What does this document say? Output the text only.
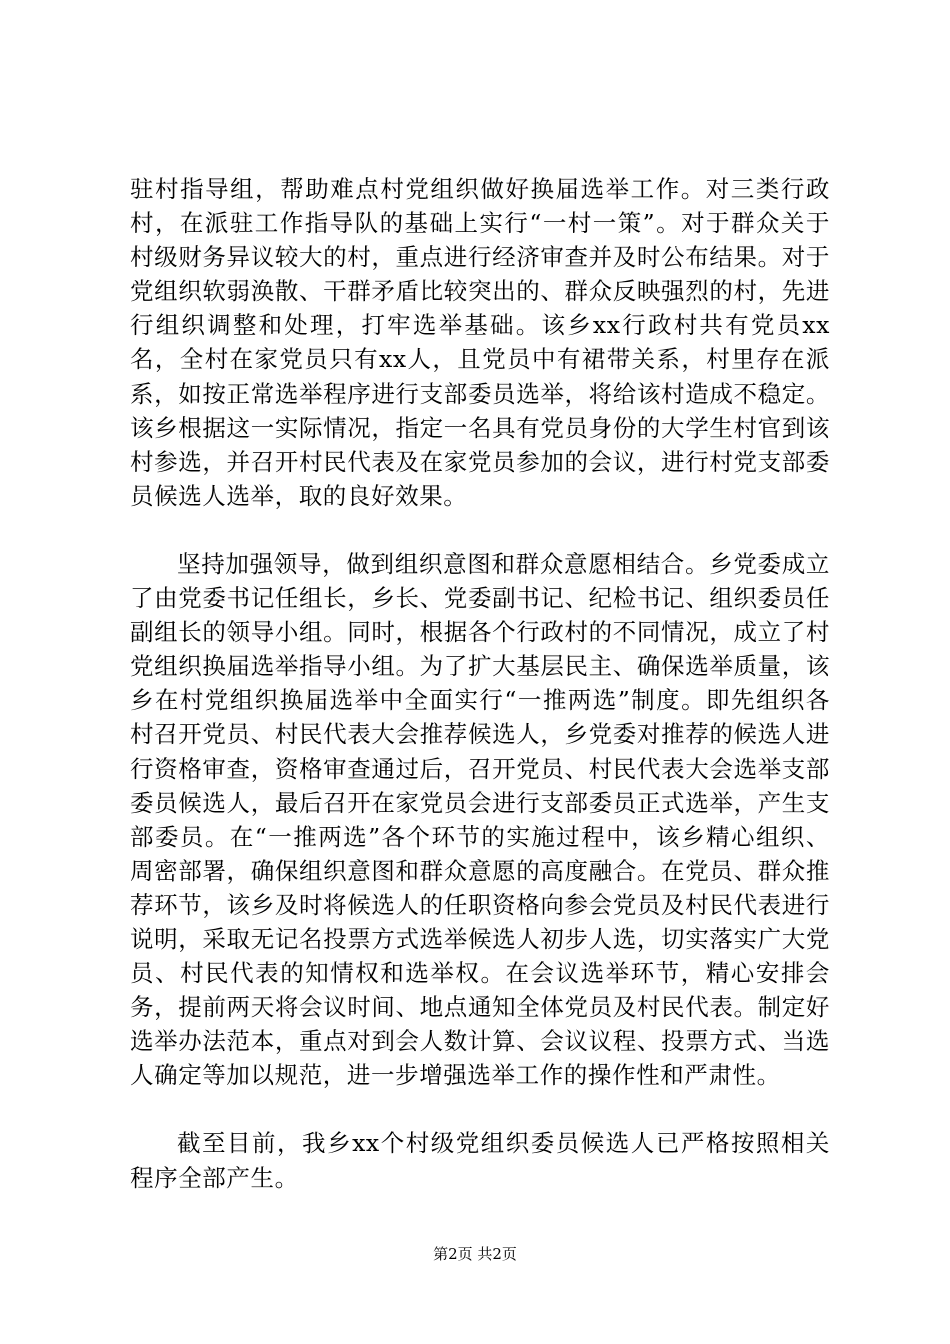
驻村指导组，帮助难点村党组织做好换届选举工作。对三类行政村，在派驻工作指导队的基础上实行“一村一策”。对于群众关于村级财务异议较大的村，重点进行经济审查并及时公布结果。对于党组织软弱涣散、干群矛盾比较突出的、群众反映强烈的村，先进行组织调整和处理，打牢选举基础。该乡xx行政村共有党员xx名，全村在家党员只有xx人，且党员中有裙带关系，村里存在派系，如按正常选举程序进行支部委员选举，将给该村造成不稳定。该乡根据这一实际情况，指定一名具有党员身份的大学生村官到该村参选，并召开村民代表及在家党员参加的会议，进行村党支部委员候选人选举，取的良好效果。

坚持加强领导，做到组织意图和群众意愿相结合。乡党委成立了由党委书记任组长，乡长、党委副书记、纪检书记、组织委员任副组长的领导小组。同时，根据各个行政村的不同情况，成立了村党组织换届选举指导小组。为了扩大基层民主、确保选举质量，该乡在村党组织换届选举中全面实行“一推两选”制度。即先组织各村召开党员、村民代表大会推荐候选人，乡党委对推荐的候选人进行资格审查，资格审查通过后，召开党员、村民代表大会选举支部委员候选人，最后召开在家党员会进行支部委员正式选举，产生支部委员。在“一推两选”各个环节的实施过程中，该乡精心组织、周密部署，确保组织意图和群众意愿的高度融合。在党员、群众推荐环节，该乡及时将候选人的任职资格向参会党员及村民代表进行说明，采取无记名投票方式选举候选人初步人选，切实落实广大党员、村民代表的知情权和选举权。在会议选举环节，精心安排会务，提前两天将会议时间、地点通知全体党员及村民代表。制定好选举办法范本，重点对到会人数计算、会议议程、投票方式、当选人确定等加以规范，进一步增强选举工作的操作性和严肃性。

截至目前，我乡xx个村级党组织委员候选人已严格按照相关程序全部产生。

第2页 共2页
